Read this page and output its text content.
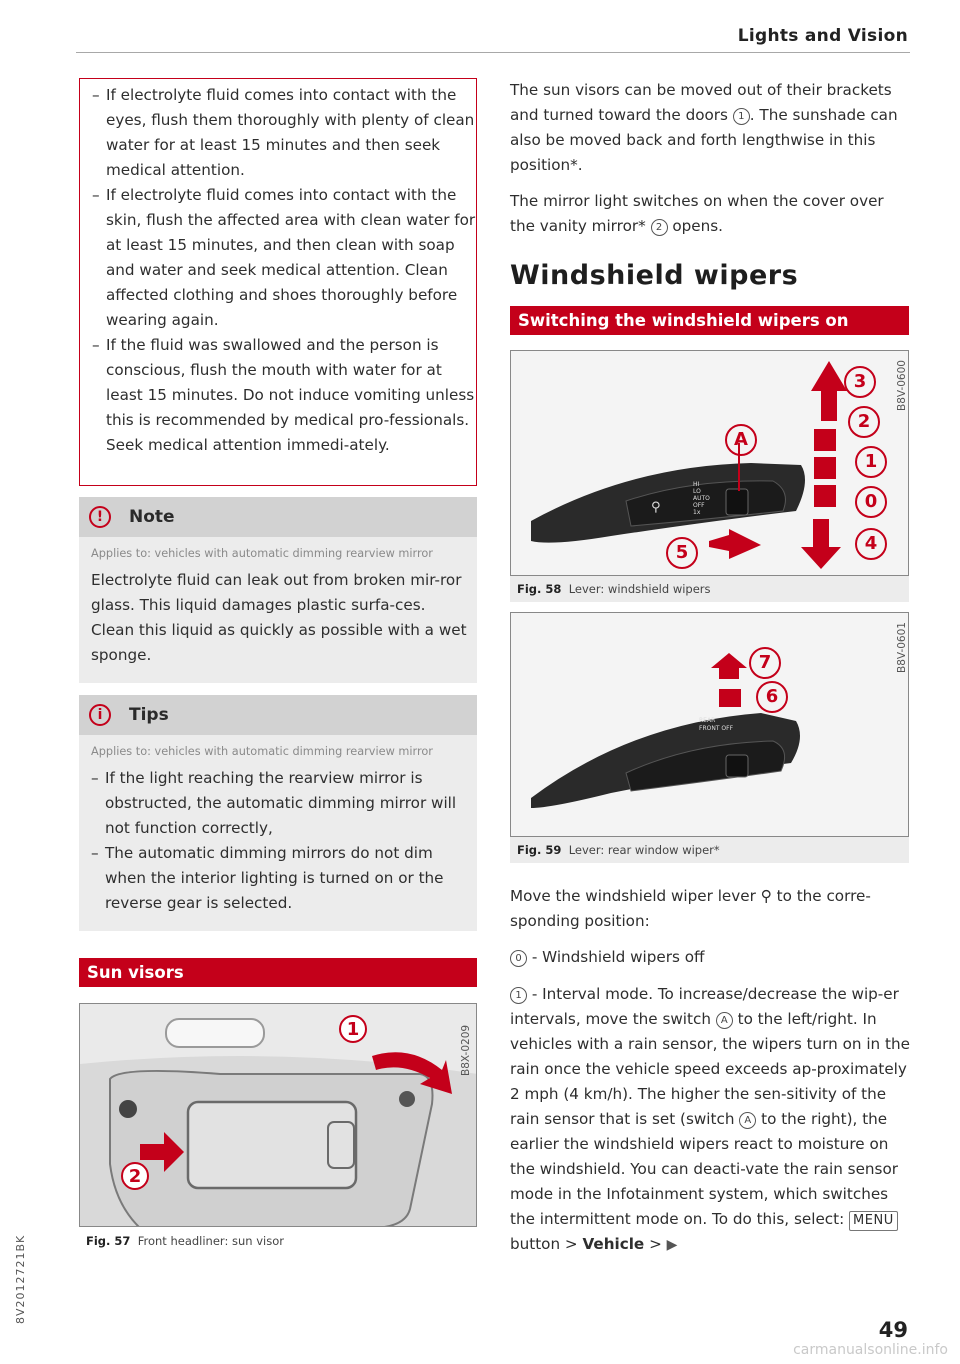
Lights and Vision
– If electrolyte fluid comes into contact with the eyes, flush them thoroughly with plenty of clean water for at least 15 minutes and then seek medical attention.
– If electrolyte fluid comes into contact with the skin, flush the affected area with clean water for at least 15 minutes, and then clean with soap and water and seek medical attention. Clean affected clothing and shoes thoroughly before wearing again.
– If the fluid was swallowed and the person is conscious, flush the mouth with water for at least 15 minutes. Do not induce vomiting unless this is recommended by medical pro-fessionals. Seek medical attention immedi-ately.
!	Note
Applies to: vehicles with automatic dimming rearview mirror
Electrolyte fluid can leak out from broken mir-ror glass. This liquid damages plastic surfa-ces. Clean this liquid as quickly as possible with a wet sponge.
i	Tips
Applies to: vehicles with automatic dimming rearview mirror
– If the light reaching the rearview mirror is obstructed, the automatic dimming mirror will not function correctly,
– The automatic dimming mirrors do not dim when the interior lighting is turned on or the reverse gear is selected.
Sun visors
1
2
B8X-0209
Fig. 57 Front headliner: sun visor
The sun visors can be moved out of their brackets and turned toward the doors 1 . The sunshade can also be moved back and forth lengthwise in this position*.
The mirror light switches on when the cover over the vanity mirror* 2 opens.
Windshield wipers
Switching the windshield wipers on
⚲
B8V-0600
3
2
1
0
4
5
A
HI
LO
AUTO
OFF
1x
Fig. 58 Lever: windshield wipers
B8V-0601
7
6
REAR
FRONT OFF
Fig. 59 Lever: rear window wiper*
Move the windshield wiper lever ⚲ to the corre-sponding position:
0 - Windshield wipers off
1 - Interval mode. To increase/decrease the wip-er intervals, move the switch A to the left/right. In vehicles with a rain sensor, the wipers turn on in the rain once the vehicle speed exceeds ap-proximately 2 mph (4 km/h). The higher the sen-sitivity of the rain sensor that is set (switch A to the right), the earlier the windshield wipers react to moisture on the windshield. You can deacti-vate the rain sensor mode in the Infotainment system, which switches the intermittent mode on. To do this, select: MENU button > Vehicle > ▶
8V2012721BK
49
carmanualsonline.info
